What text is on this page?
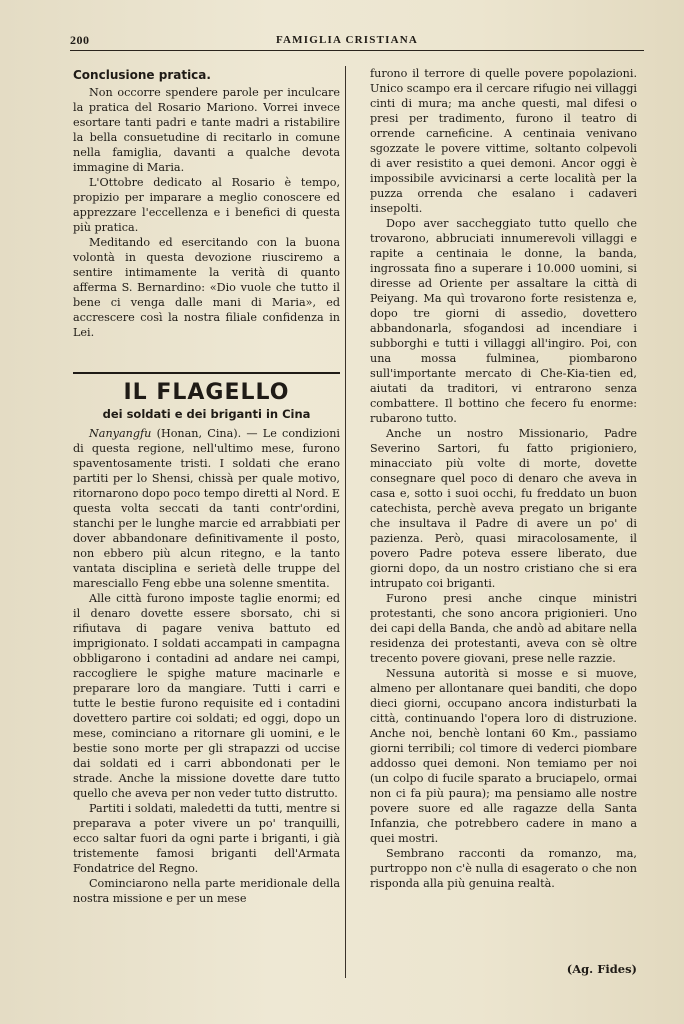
200	FAMIGLIA CRISTIANA
Conclusione pratica.

Non occorre spendere parole per inculcare la pratica del Rosario Mariono. Vorrei invece esortare tanti padri e tante madri a ristabilire la bella consuetudine di recitarlo in comune nella famiglia, davanti a qualche devota immagine di Maria.

L'Ottobre dedicato al Rosario è tempo, propizio per imparare a meglio conoscere ed apprezzare l'eccellenza e i benefici di questa più pratica.

Meditando ed esercitando con la buona volontà in questa devozione riusciremo a sentire intimamente la verità di quanto afferma S. Bernardino: «Dio vuole che tutto il bene ci venga dalle mani di Maria», ed accrescere così la nostra filiale confidenza in Lei.

IL FLAGELLO
dei soldati e dei briganti in Cina

Nanyangfu (Honan, Cina). — Le condizioni di questa regione, nell'ultimo mese, furono spaventosamente tristi. I soldati che erano partiti per lo Shensi, chissà per quale motivo, ritornarono dopo poco tempo diretti al Nord. E questa volta seccati da tanti contr'ordini, stanchi per le lunghe marcie ed arrabbiati per dover abbandonare definitivamente il posto, non ebbero più alcun ritegno, e la tanto vantata disciplina e serietà delle truppe del maresciallo Feng ebbe una solenne smentita.

Alle città furono imposte taglie enormi; ed il denaro dovette essere sborsato, chi si rifiutava di pagare veniva battuto ed imprigionato. I soldati accampati in campagna obbligarono i contadini ad andare nei campi, raccogliere le spighe mature macinarle e preparare loro da mangiare. Tutti i carri e tutte le bestie furono requisite ed i contadini dovettero partire coi soldati; ed oggi, dopo un mese, cominciano a ritornare gli uomini, e le bestie sono morte per gli strapazzi od uccise dai soldati ed i carri abbondonati per le strade. Anche la missione dovette dare tutto quello che aveva per non veder tutto distrutto.

Partiti i soldati, maledetti da tutti, mentre si preparava a poter vivere un po' tranquilli, ecco saltar fuori da ogni parte i briganti, i già tristemente famosi briganti dell'Armata Fondatrice del Regno.

Cominciarono nella parte meridionale della nostra missione e per un mese

furono il terrore di quelle povere popolazioni. Unico scampo era il cercare rifugio nei villaggi cinti di mura; ma anche questi, mal difesi o presi per tradimento, furono il teatro di orrende carneficine. A centinaia venivano sgozzate le povere vittime, soltanto colpevoli di aver resistito a quei demoni. Ancor oggi è impossibile avvicinarsi a certe località per la puzza orrenda che esalano i cadaveri insepolti.

Dopo aver saccheggiato tutto quello che trovarono, abbruciati innumerevoli villaggi e rapite a centinaia le donne, la banda, ingrossata fino a superare i 10.000 uomini, si diresse ad Oriente per assaltare la città di Peiyang. Ma quì trovarono forte resistenza e, dopo tre giorni di assedio, dovettero abbandonarla, sfogandosi ad incendiare i subborghi e tutti i villaggi all'ingiro. Poi, con una mossa fulminea, piombarono sull'importante mercato di Che-Kia-tien ed, aiutati da traditori, vi entrarono senza combattere. Il bottino che fecero fu enorme: rubarono tutto.

Anche un nostro Missionario, Padre Severino Sartori, fu fatto prigioniero, minacciato più volte di morte, dovette consegnare quel poco di denaro che aveva in casa e, sotto i suoi occhi, fu freddato un buon catechista, perchè aveva pregato un brigante che insultava il Padre di avere un po' di pazienza. Però, quasi miracolosamente, il povero Padre poteva essere liberato, due giorni dopo, da un nostro cristiano che si era intrupato coi briganti.

Furono presi anche cinque ministri protestanti, che sono ancora prigionieri. Uno dei capi della Banda, che andò ad abitare nella residenza dei protestanti, aveva con sè oltre trecento povere giovani, prese nelle razzie.

Nessuna autorità si mosse e si muove, almeno per allontanare quei banditi, che dopo dieci giorni, occupano ancora indisturbati la città, continuando l'opera loro di distruzione. Anche noi, benchè lontani 60 Km., passiamo giorni terribili; col timore di vederci piombare addosso quei demoni. Non temiamo per noi (un colpo di fucile sparato a bruciapelo, ormai non ci fa più paura); ma pensiamo alle nostre povere suore ed alle ragazze della Santa Infanzia, che potrebbero cadere in mano a quei mostri.

Sembrano racconti da romanzo, ma, purtroppo non c'è nulla di esagerato o che non risponda alla più genuina realtà.

(Ag. Fides)
